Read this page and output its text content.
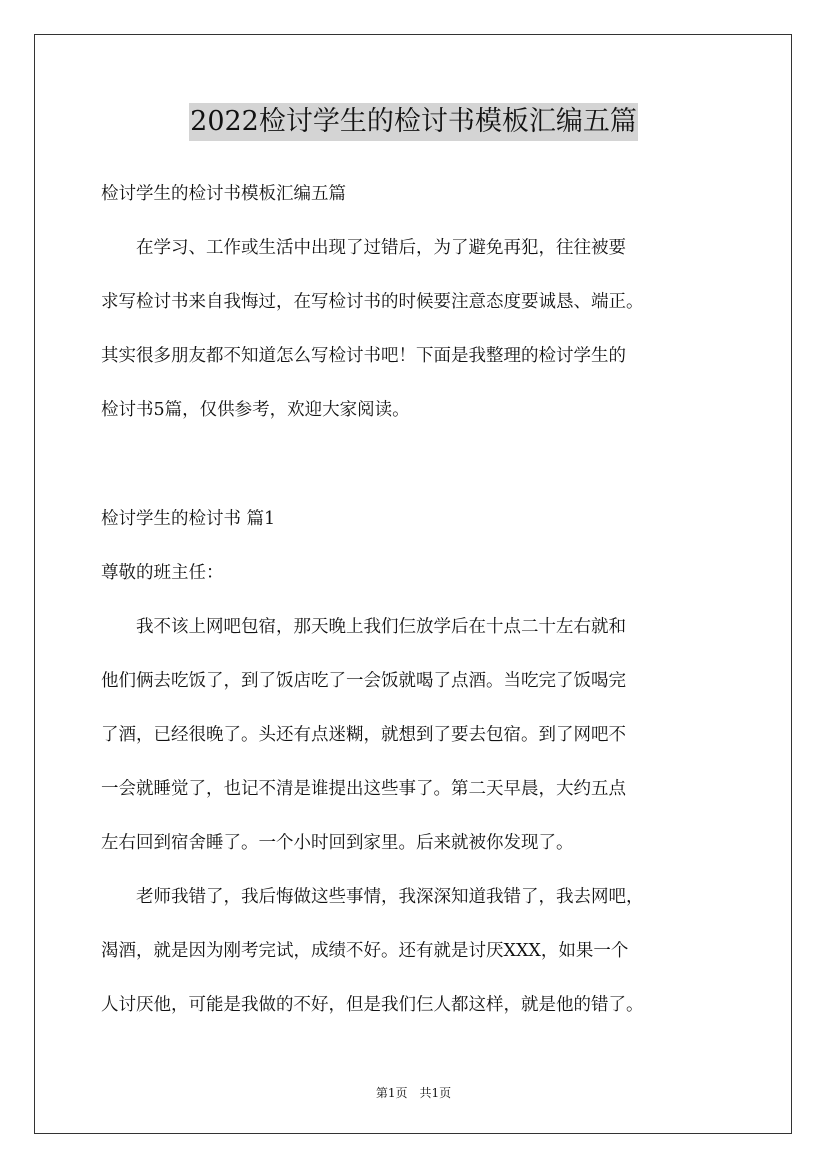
2022检讨学生的检讨书模板汇编五篇
检讨学生的检讨书模板汇编五篇
　　在学习、工作或生活中出现了过错后，为了避免再犯，往往被要
求写检讨书来自我悔过，在写检讨书的时候要注意态度要诚恳、端正。
其实很多朋友都不知道怎么写检讨书吧！下面是我整理的检讨学生的
检讨书5篇，仅供参考，欢迎大家阅读。
检讨学生的检讨书 篇1
尊敬的班主任：
　　我不该上网吧包宿，那天晚上我们仨放学后在十点二十左右就和
他们俩去吃饭了，到了饭店吃了一会饭就喝了点酒。当吃完了饭喝完
了酒，已经很晚了。头还有点迷糊，就想到了要去包宿。到了网吧不
一会就睡觉了，也记不清是谁提出这些事了。第二天早晨，大约五点
左右回到宿舍睡了。一个小时回到家里。后来就被你发现了。
　　老师我错了，我后悔做这些事情，我深深知道我错了，我去网吧，
渴酒，就是因为刚考完试，成绩不好。还有就是讨厌XXX，如果一个
人讨厌他，可能是我做的不好，但是我们仨人都这样，就是他的错了。
第1页　共1页
